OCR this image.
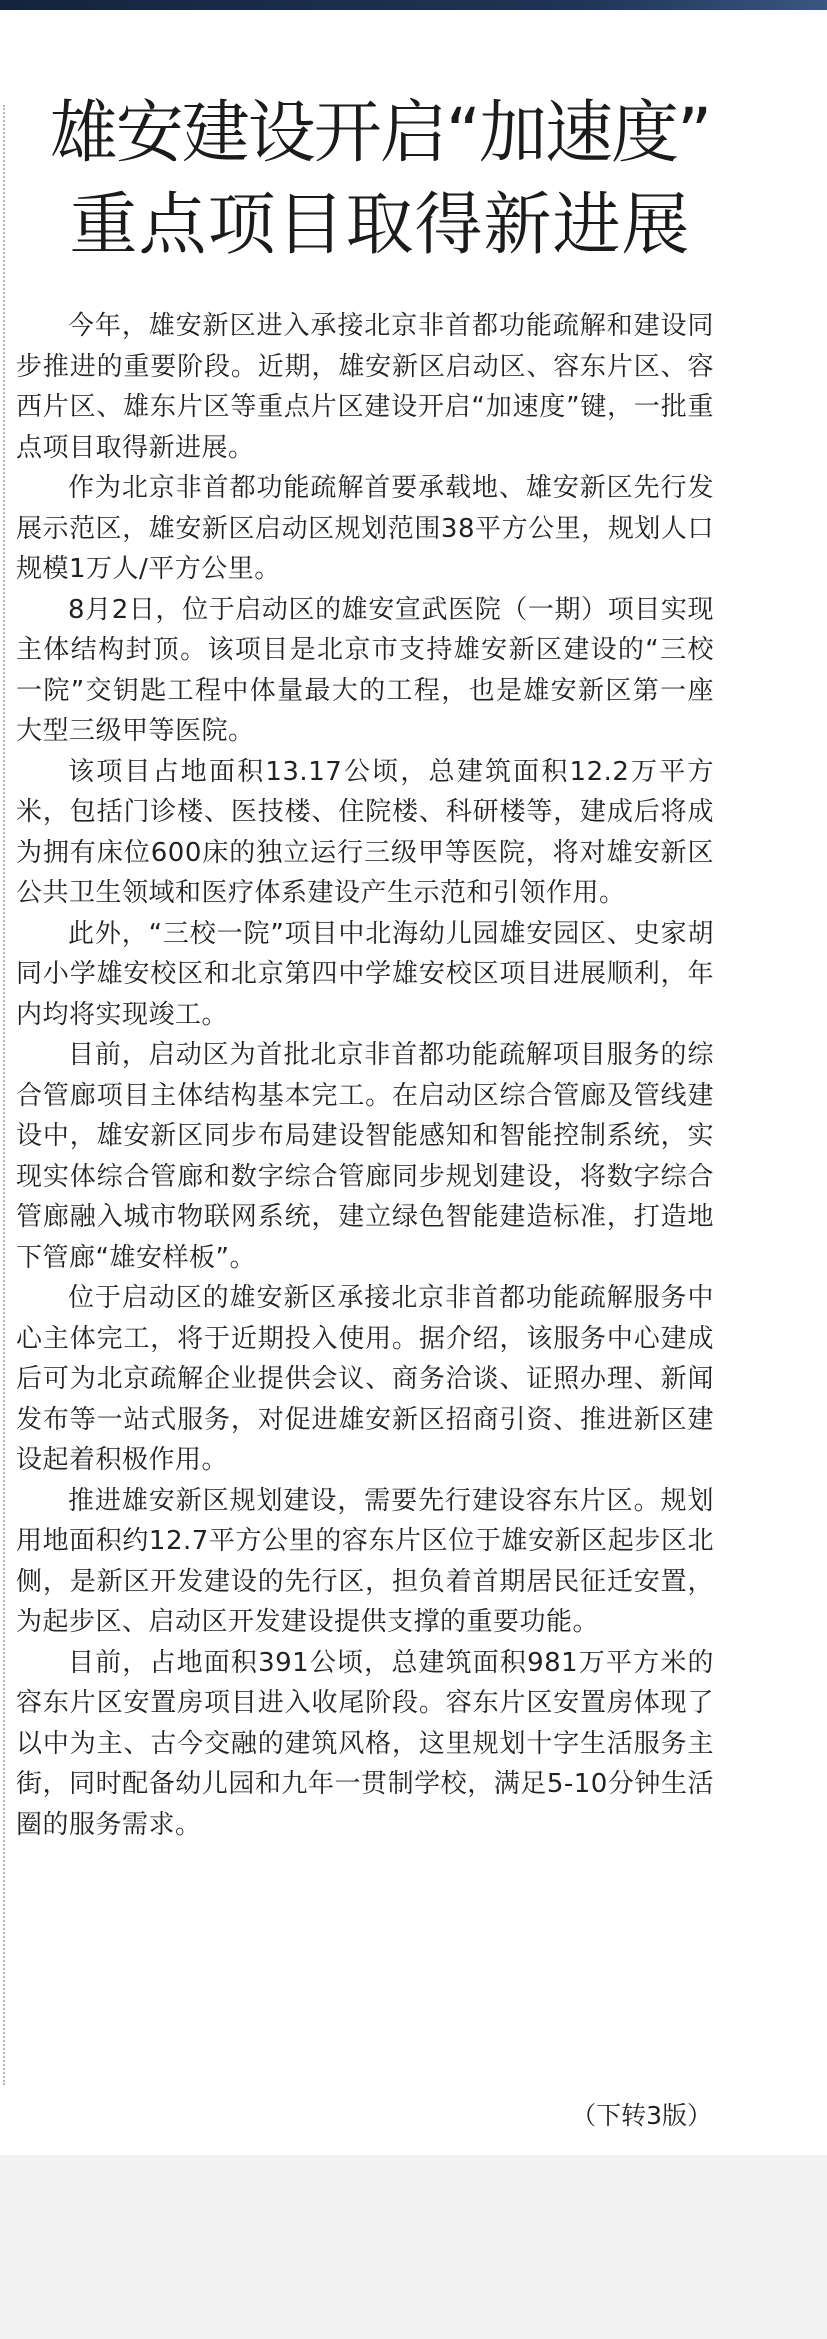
雄安建设开启“加速度”
重点项目取得新进展

今年，雄安新区进入承接北京非首都功能疏解和建设同步推进的重要阶段。近期，雄安新区启动区、容东片区、容西片区、雄东片区等重点片区建设开启“加速度”键，一批重点项目取得新进展。

作为北京非首都功能疏解首要承载地、雄安新区先行发展示范区，雄安新区启动区规划范围38平方公里，规划人口规模1万人/平方公里。

8月2日，位于启动区的雄安宣武医院（一期）项目实现主体结构封顶。该项目是北京市支持雄安新区建设的“三校一院”交钥匙工程中体量最大的工程，也是雄安新区第一座大型三级甲等医院。

该项目占地面积13.17公顷，总建筑面积12.2万平方米，包括门诊楼、医技楼、住院楼、科研楼等，建成后将成为拥有床位600床的独立运行三级甲等医院，将对雄安新区公共卫生领域和医疗体系建设产生示范和引领作用。

此外，“三校一院”项目中北海幼儿园雄安园区、史家胡同小学雄安校区和北京第四中学雄安校区项目进展顺利，年内均将实现竣工。

目前，启动区为首批北京非首都功能疏解项目服务的综合管廊项目主体结构基本完工。在启动区综合管廊及管线建设中，雄安新区同步布局建设智能感知和智能控制系统，实现实体综合管廊和数字综合管廊同步规划建设，将数字综合管廊融入城市物联网系统，建立绿色智能建造标准，打造地下管廊“雄安样板”。

位于启动区的雄安新区承接北京非首都功能疏解服务中心主体完工，将于近期投入使用。据介绍，该服务中心建成后可为北京疏解企业提供会议、商务洽谈、证照办理、新闻发布等一站式服务，对促进雄安新区招商引资、推进新区建设起着积极作用。

推进雄安新区规划建设，需要先行建设容东片区。规划用地面积约12.7平方公里的容东片区位于雄安新区起步区北侧，是新区开发建设的先行区，担负着首期居民征迁安置，为起步区、启动区开发建设提供支撑的重要功能。

目前，占地面积391公顷，总建筑面积981万平方米的容东片区安置房项目进入收尾阶段。容东片区安置房体现了以中为主、古今交融的建筑风格，这里规划十字生活服务主街，同时配备幼儿园和九年一贯制学校，满足5-10分钟生活圈的服务需求。

（下转3版）
